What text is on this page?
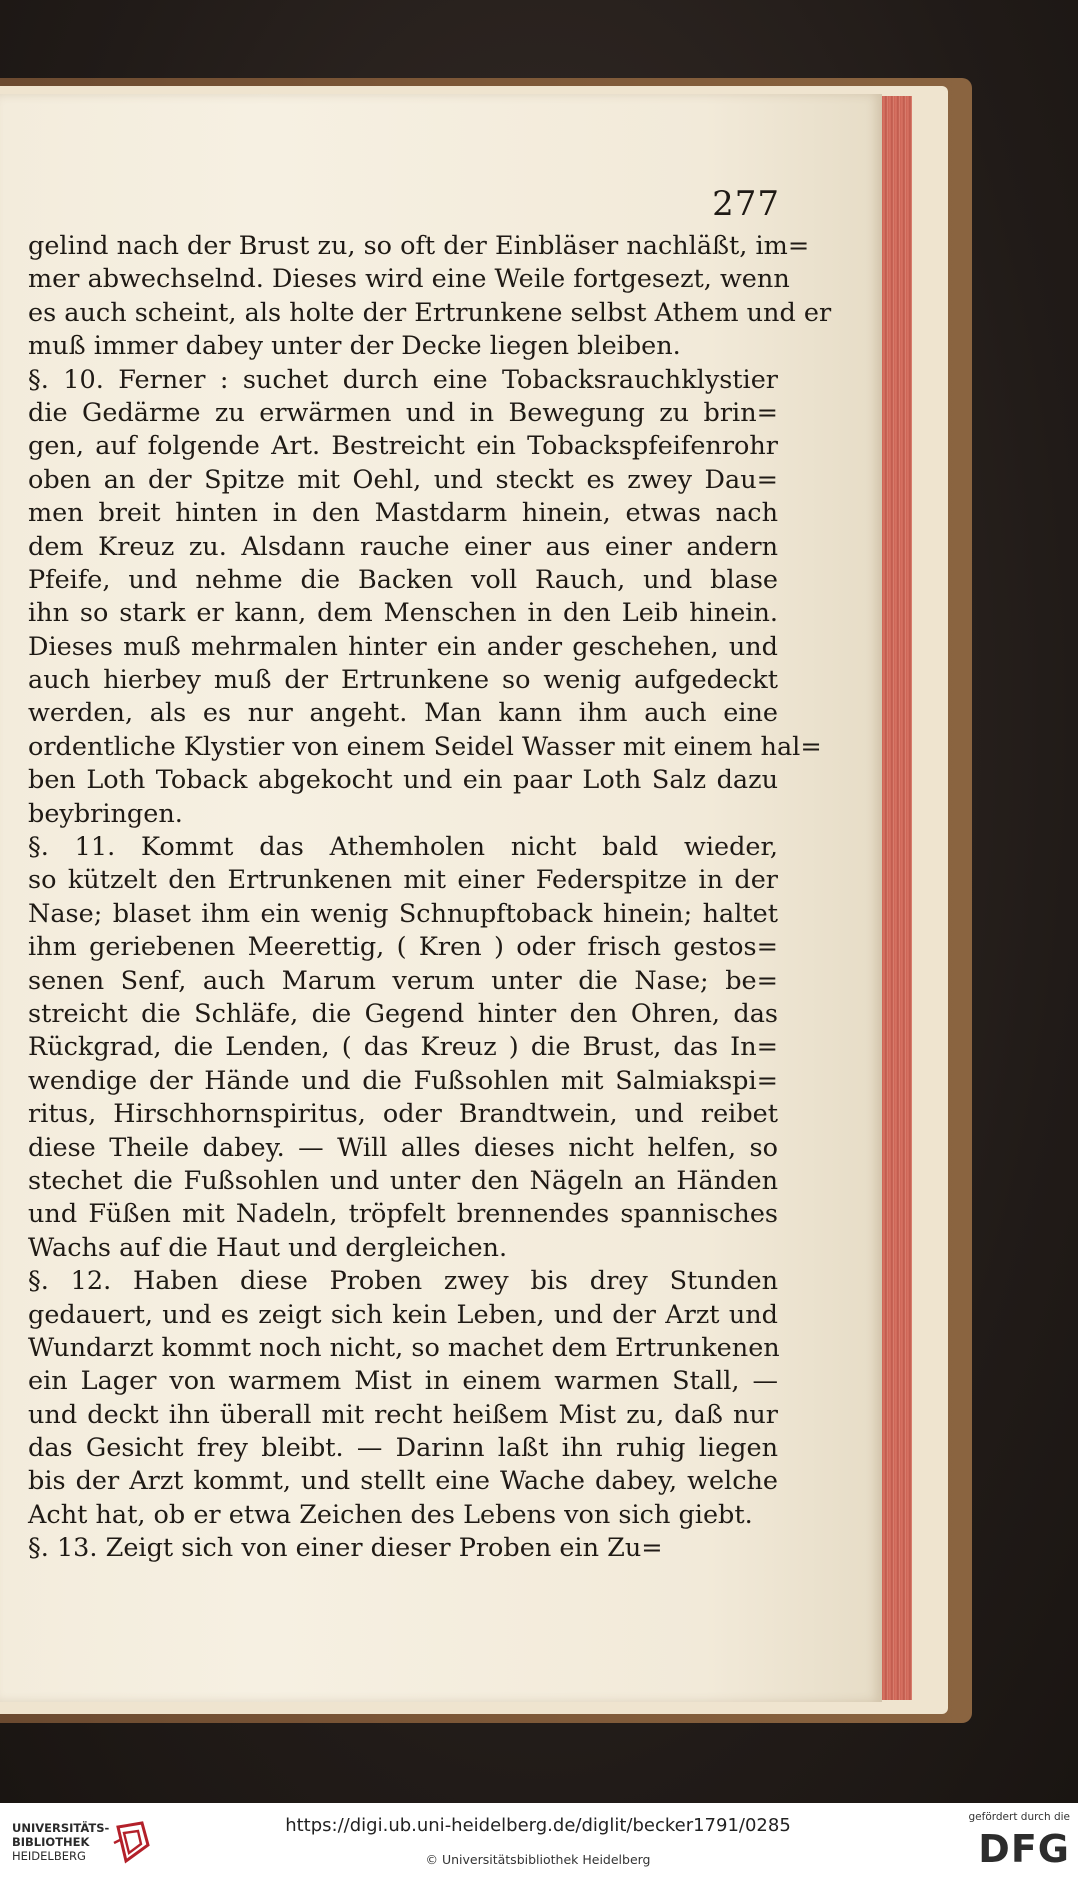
277
gelind nach der Brust zu, so oft der Einbläser nachläßt, im=
mer abwechselnd. Dieses wird eine Weile fortgesezt, wenn
es auch scheint, als holte der Ertrunkene selbst Athem und er
muß immer dabey unter der Decke liegen bleiben.
§. 10. Ferner : suchet durch eine Tobacksrauchklystier
die Gedärme zu erwärmen und in Bewegung zu brin=
gen, auf folgende Art. Bestreicht ein Tobackspfeifenrohr
oben an der Spitze mit Oehl, und steckt es zwey Dau=
men breit hinten in den Mastdarm hinein, etwas nach
dem Kreuz zu. Alsdann rauche einer aus einer andern
Pfeife, und nehme die Backen voll Rauch, und blase
ihn so stark er kann, dem Menschen in den Leib hinein.
Dieses muß mehrmalen hinter ein ander geschehen, und
auch hierbey muß der Ertrunkene so wenig aufgedeckt
werden, als es nur angeht. Man kann ihm auch eine
ordentliche Klystier von einem Seidel Wasser mit einem hal=
ben Loth Toback abgekocht und ein paar Loth Salz dazu
beybringen.
§. 11. Kommt das Athemholen nicht bald wieder,
so kützelt den Ertrunkenen mit einer Federspitze in der
Nase; blaset ihm ein wenig Schnupftoback hinein; haltet
ihm geriebenen Meerettig, ( Kren ) oder frisch gestos=
senen Senf, auch Marum verum unter die Nase; be=
streicht die Schläfe, die Gegend hinter den Ohren, das
Rückgrad, die Lenden, ( das Kreuz ) die Brust, das In=
wendige der Hände und die Fußsohlen mit Salmiakspi=
ritus, Hirschhornspiritus, oder Brandtwein, und reibet
diese Theile dabey. — Will alles dieses nicht helfen, so
stechet die Fußsohlen und unter den Nägeln an Händen
und Füßen mit Nadeln, tröpfelt brennendes spannisches
Wachs auf die Haut und dergleichen.
§. 12. Haben diese Proben zwey bis drey Stunden
gedauert, und es zeigt sich kein Leben, und der Arzt und
Wundarzt kommt noch nicht, so machet dem Ertrunkenen
ein Lager von warmem Mist in einem warmen Stall, —
und deckt ihn überall mit recht heißem Mist zu, daß nur
das Gesicht frey bleibt. — Darinn laßt ihn ruhig liegen
bis der Arzt kommt, und stellt eine Wache dabey, welche
Acht hat, ob er etwa Zeichen des Lebens von sich giebt.
§. 13. Zeigt sich von einer dieser Proben ein Zu=
UNIVERSITÄTS-
BIBLIOTHEK
HEIDELBERG
https://digi.ub.uni-heidelberg.de/diglit/becker1791/0285
© Universitätsbibliothek Heidelberg
gefördert durch die
DFG
